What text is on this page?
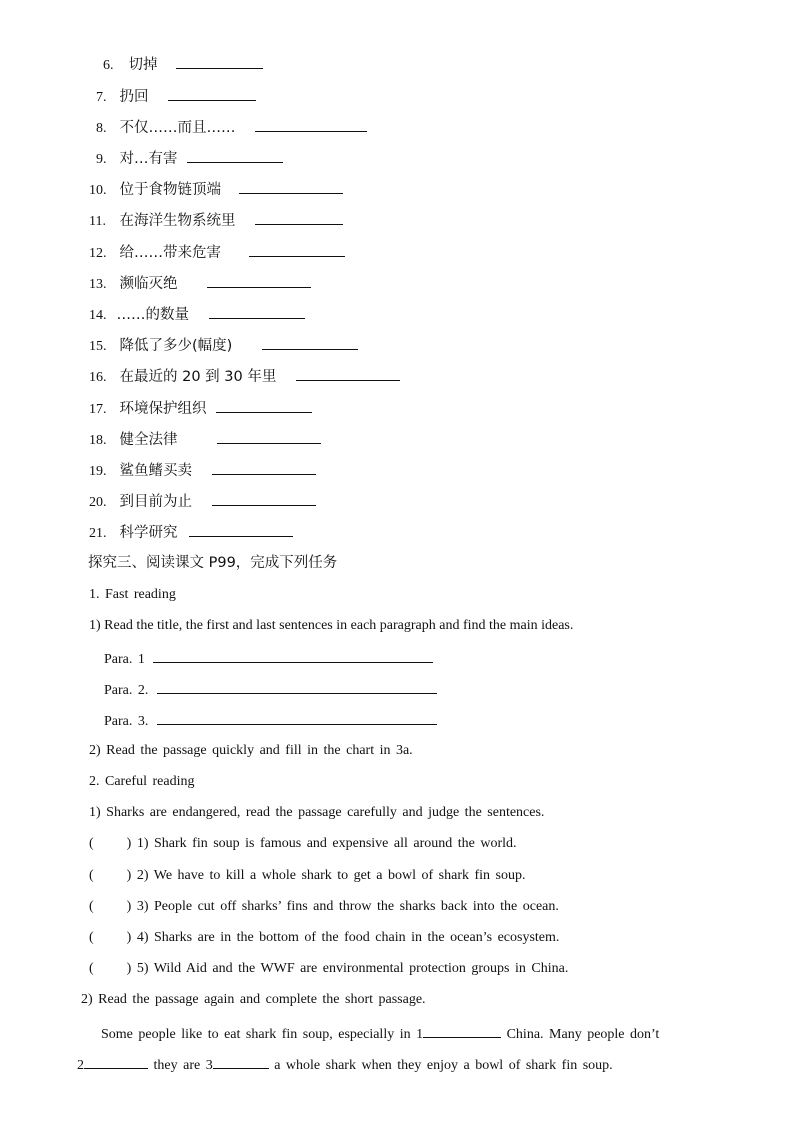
6. 切掉
7. 扔回
8. 不仅……而且……
9. 对…有害
10. 位于食物链顶端
11. 在海洋生物系统里
12. 给……带来危害
13. 濒临灭绝
14. ……的数量
15. 降低了多少(幅度)
16. 在最近的 20 到 30 年里
17. 环境保护组织
18. 健全法律
19. 鲨鱼鳍买卖
20. 到目前为止
21. 科学研究
探究三、阅读课文 P99，完成下列任务
1. Fast reading
1) Read the title, the first and last sentences in each paragraph and find the main ideas.
Para. 1
Para. 2.
Para. 3.
2) Read the passage quickly and fill in the chart in 3a.
2. Careful reading
1) Sharks are endangered, read the passage carefully and judge the sentences.
(      ) 1) Shark fin soup is famous and expensive all around the world.
(      ) 2) We have to kill a whole shark to get a bowl of shark fin soup.
(      ) 3) People cut off sharks’ fins and throw the sharks back into the ocean.
(      ) 4) Sharks are in the bottom of the food chain in the ocean’s ecosystem.
(      ) 5) Wild Aid and the WWF are environmental protection groups in China.
2) Read the passage again and complete the short passage.
Some people like to eat shark fin soup, especially in 1	China. Many people don’t
2	they are 3	a whole shark when they enjoy a bowl of shark fin soup.
